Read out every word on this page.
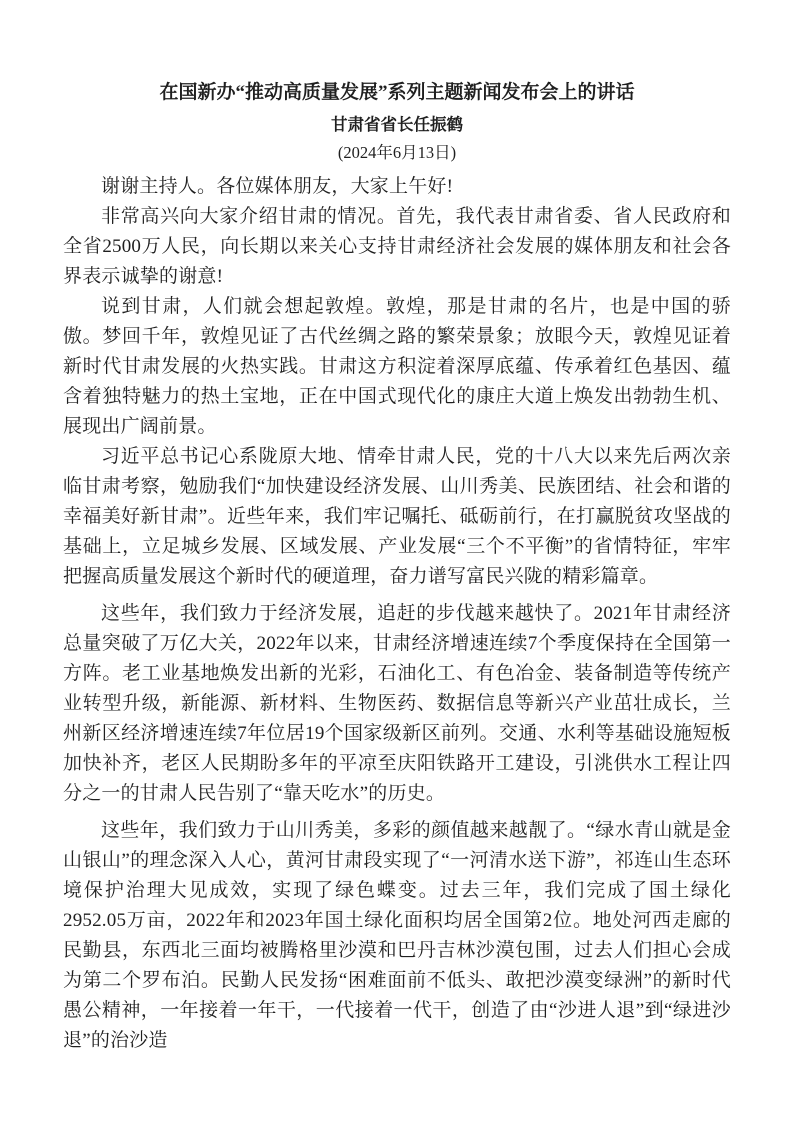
在国新办“推动高质量发展”系列主题新闻发布会上的讲话
甘肃省省长任振鹤
(2024年6月13日)

谢谢主持人。各位媒体朋友，大家上午好!

非常高兴向大家介绍甘肃的情况。首先，我代表甘肃省委、省人民政府和全省2500万人民，向长期以来关心支持甘肃经济社会发展的媒体朋友和社会各界表示诚挚的谢意!

说到甘肃，人们就会想起敦煌。敦煌，那是甘肃的名片，也是中国的骄傲。梦回千年，敦煌见证了古代丝绸之路的繁荣景象；放眼今天，敦煌见证着新时代甘肃发展的火热实践。甘肃这方积淀着深厚底蕴、传承着红色基因、蕴含着独特魅力的热土宝地，正在中国式现代化的康庄大道上焕发出勃勃生机、展现出广阔前景。

习近平总书记心系陇原大地、情牵甘肃人民，党的十八大以来先后两次亲临甘肃考察，勉励我们“加快建设经济发展、山川秀美、民族团结、社会和谐的幸福美好新甘肃”。近些年来，我们牢记嘱托、砥砺前行，在打赢脱贫攻坚战的基础上，立足城乡发展、区域发展、产业发展“三个不平衡”的省情特征，牢牢把握高质量发展这个新时代的硬道理，奋力谱写富民兴陇的精彩篇章。

这些年，我们致力于经济发展，追赶的步伐越来越快了。2021年甘肃经济总量突破了万亿大关，2022年以来，甘肃经济增速连续7个季度保持在全国第一方阵。老工业基地焕发出新的光彩，石油化工、有色冶金、装备制造等传统产业转型升级，新能源、新材料、生物医药、数据信息等新兴产业茁壮成长，兰州新区经济增速连续7年位居19个国家级新区前列。交通、水利等基础设施短板加快补齐，老区人民期盼多年的平凉至庆阳铁路开工建设，引洮供水工程让四分之一的甘肃人民告别了“靠天吃水”的历史。

这些年，我们致力于山川秀美，多彩的颜值越来越靓了。“绿水青山就是金山银山”的理念深入人心，黄河甘肃段实现了“一河清水送下游”，祁连山生态环境保护治理大见成效，实现了绿色蝶变。过去三年，我们完成了国土绿化2952.05万亩，2022年和2023年国土绿化面积均居全国第2位。地处河西走廊的民勤县，东西北三面均被腾格里沙漠和巴丹吉林沙漠包围，过去人们担心会成为第二个罗布泊。民勤人民发扬“困难面前不低头、敢把沙漠变绿洲”的新时代愚公精神，一年接着一年干，一代接着一代干，创造了由“沙进人退”到“绿进沙退”的治沙造
